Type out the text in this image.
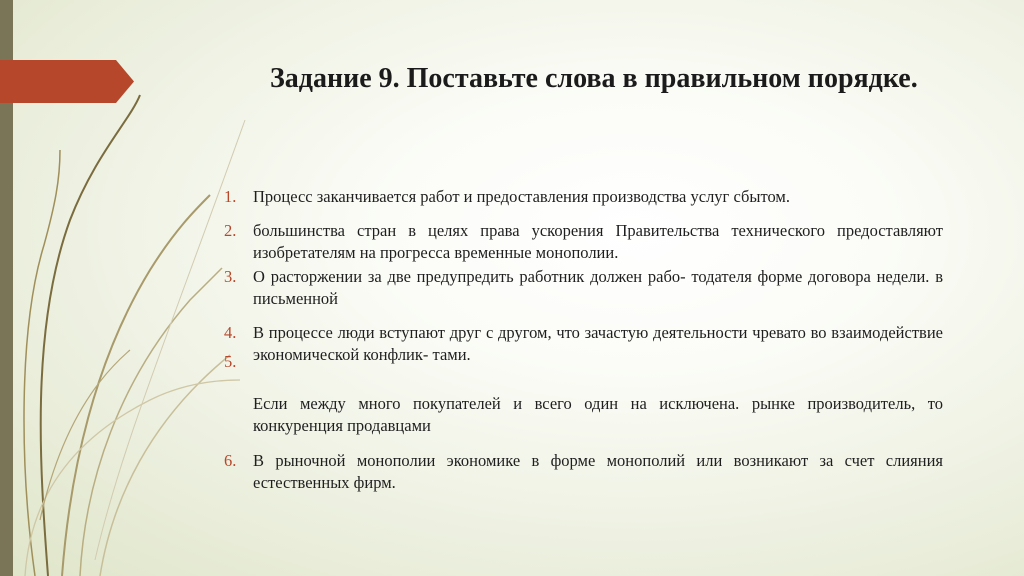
Задание 9. Поставьте слова в правильном порядке.
1. Процесс заканчивается работ и предоставления производства услуг сбытом.
2. большинства стран в целях права ускорения Правительства технического предоставляют изобретателям на прогресса временные монополии.
3. О расторжении за две предупредить работник должен рабо- тодателя форме договора недели. в письменной
4. В процессе люди вступают друг с другом, что зачастую деятельности чревато во взаимодействие экономической конфлик- тами.
5.
Если между много покупателей и всего один на исключена. рынке производитель, то конкуренция продавцами
6. В рыночной монополии экономике в форме монополий или возникают за счет слияния естественных фирм.
